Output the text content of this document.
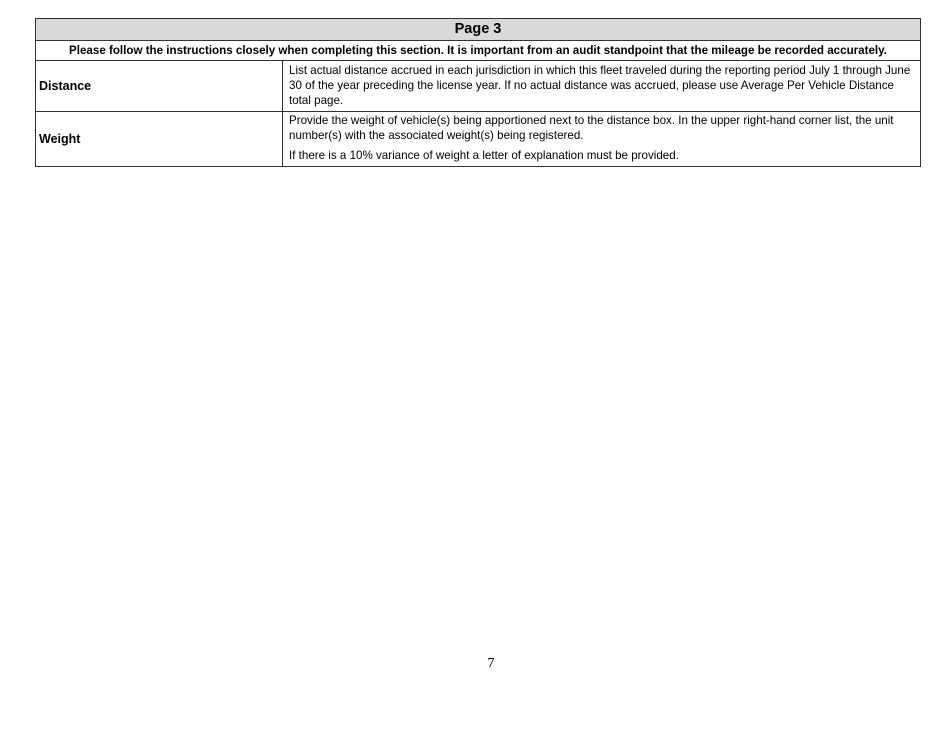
Page 3	
Please follow the instructions closely when completing this section. It is important from an audit standpoint that the mileage be recorded accurately.	
Distance	List actual distance accrued in each jurisdiction in which this fleet traveled during the reporting period July 1 through June 30 of the year preceding the license year. If no actual distance was accrued, please use Average Per Vehicle Distance total page.

Weight	Provide the weight of vehicle(s) being apportioned next to the distance box. In the upper right-hand corner list, the unit number(s) with the associated weight(s) being registered.

If there is a 10% variance of weight a letter of explanation must be provided.

7
